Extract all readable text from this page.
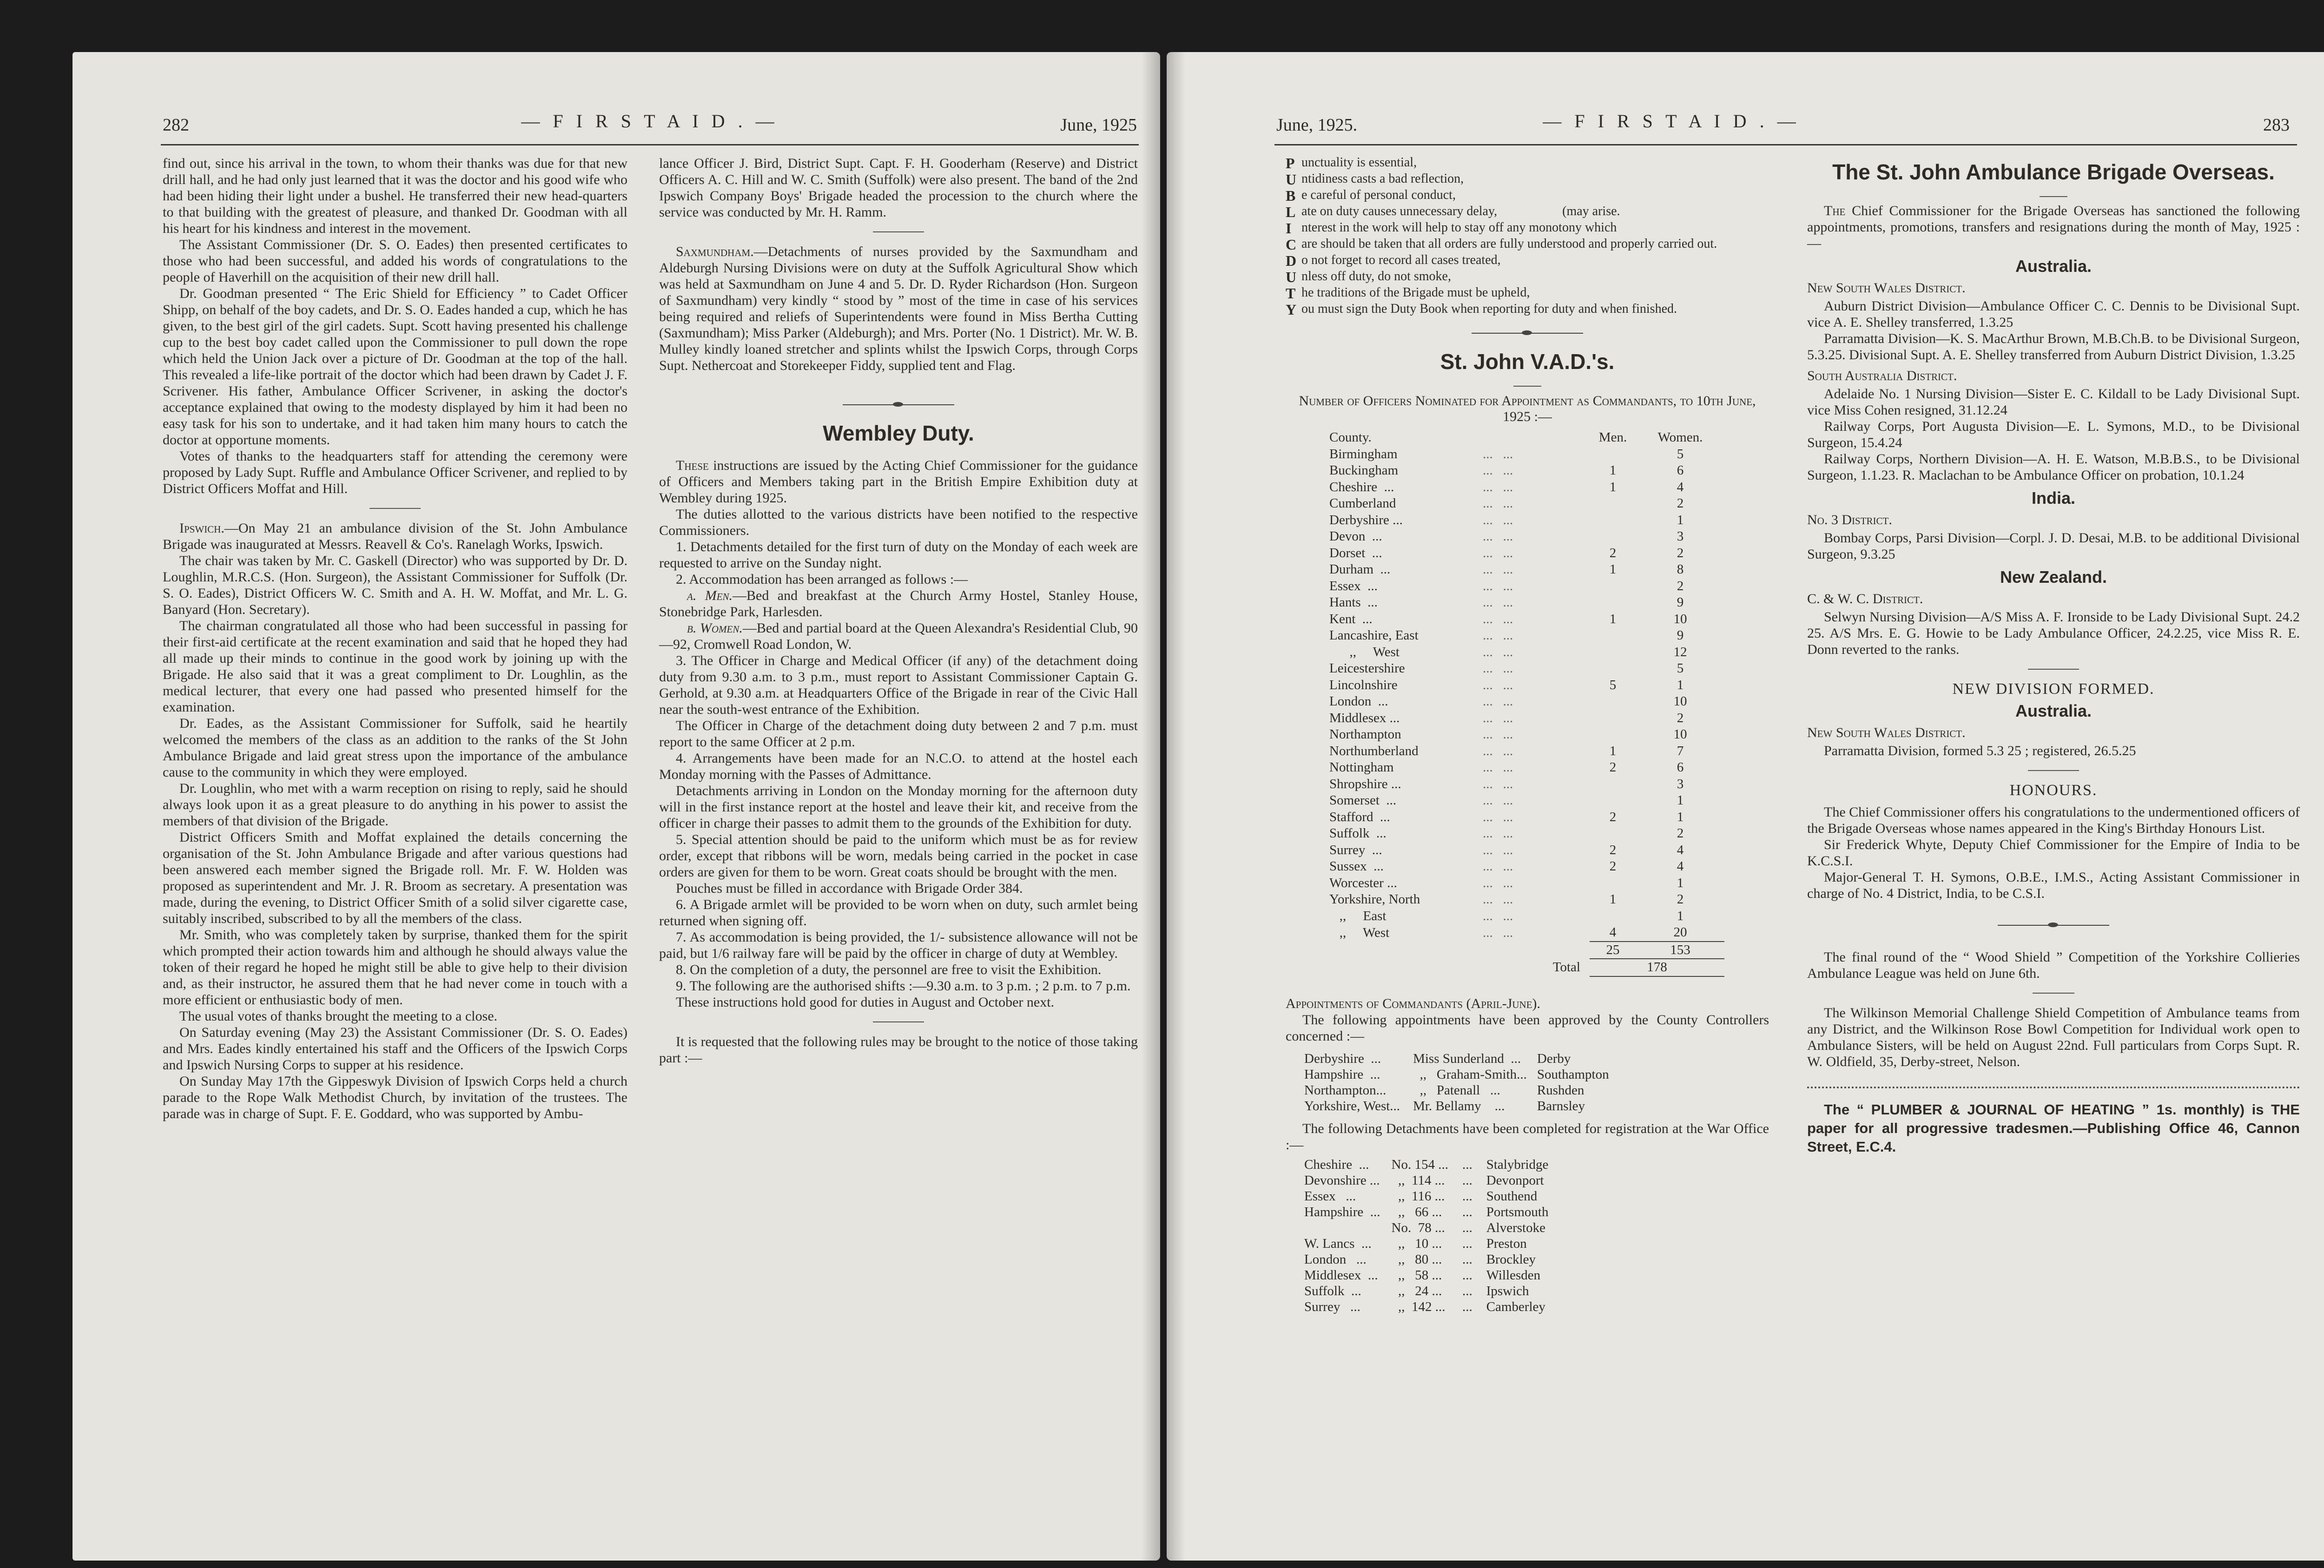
282	— F I R S T A I D . —	June, 1925

find out, since his arrival in the town, to whom their thanks was due for that new drill hall, and he had only just learned that it was the doctor and his good wife who had been hiding their light under a bushel. He transferred their new head-quarters to that building with the greatest of pleasure, and thanked Dr. Goodman with all his heart for his kindness and interest in the movement.

The Assistant Commissioner (Dr. S. O. Eades) then presented certificates to those who had been successful, and added his words of congratulations to the people of Haverhill on the acquisition of their new drill hall.

Dr. Goodman presented “ The Eric Shield for Efficiency ” to Cadet Officer Shipp, on behalf of the boy cadets, and Dr. S. O. Eades handed a cup, which he has given, to the best girl of the girl cadets. Supt. Scott having presented his challenge cup to the best boy cadet called upon the Commissioner to pull down the rope which held the Union Jack over a picture of Dr. Goodman at the top of the hall. This revealed a life-like portrait of the doctor which had been drawn by Cadet J. F. Scrivener. His father, Ambulance Officer Scrivener, in asking the doctor's acceptance explained that owing to the modesty displayed by him it had been no easy task for his son to undertake, and it had taken him many hours to catch the doctor at opportune moments.

Votes of thanks to the headquarters staff for attending the ceremony were proposed by Lady Supt. Ruffle and Ambulance Officer Scrivener, and replied to by District Officers Moffat and Hill.

Ipswich.—On May 21 an ambulance division of the St. John Ambulance Brigade was inaugurated at Messrs. Reavell & Co's. Ranelagh Works, Ipswich.

The chair was taken by Mr. C. Gaskell (Director) who was supported by Dr. D. Loughlin, M.R.C.S. (Hon. Surgeon), the Assistant Commissioner for Suffolk (Dr. S. O. Eades), District Officers W. C. Smith and A. H. W. Moffat, and Mr. L. G. Banyard (Hon. Secretary).

The chairman congratulated all those who had been successful in passing for their first-aid certificate at the recent examination and said that he hoped they had all made up their minds to continue in the good work by joining up with the Brigade. He also said that it was a great compliment to Dr. Loughlin, as the medical lecturer, that every one had passed who presented himself for the examination.

Dr. Eades, as the Assistant Commissioner for Suffolk, said he heartily welcomed the members of the class as an addition to the ranks of the St John Ambulance Brigade and laid great stress upon the importance of the ambulance cause to the community in which they were employed.

Dr. Loughlin, who met with a warm reception on rising to reply, said he should always look upon it as a great pleasure to do anything in his power to assist the members of that division of the Brigade.

District Officers Smith and Moffat explained the details concerning the organisation of the St. John Ambulance Brigade and after various questions had been answered each member signed the Brigade roll. Mr. F. W. Holden was proposed as superintendent and Mr. J. R. Broom as secretary. A presentation was made, during the evening, to District Officer Smith of a solid silver cigarette case, suitably inscribed, subscribed to by all the members of the class.

Mr. Smith, who was completely taken by surprise, thanked them for the spirit which prompted their action towards him and although he should always value the token of their regard he hoped he might still be able to give help to their division and, as their instructor, he assured them that he had never come in touch with a more efficient or enthusiastic body of men.

The usual votes of thanks brought the meeting to a close.

On Saturday evening (May 23) the Assistant Commissioner (Dr. S. O. Eades) and Mrs. Eades kindly entertained his staff and the Officers of the Ipswich Corps and Ipswich Nursing Corps to supper at his residence.

On Sunday May 17th the Gippeswyk Division of Ipswich Corps held a church parade to the Rope Walk Methodist Church, by invitation of the trustees. The parade was in charge of Supt. F. E. Goddard, who was supported by Ambu-

lance Officer J. Bird, District Supt. Capt. F. H. Gooderham (Reserve) and District Officers A. C. Hill and W. C. Smith (Suffolk) were also present. The band of the 2nd Ipswich Company Boys' Brigade headed the procession to the church where the service was conducted by Mr. H. Ramm.

Saxmundham.—Detachments of nurses provided by the Saxmundham and Aldeburgh Nursing Divisions were on duty at the Suffolk Agricultural Show which was held at Saxmundham on June 4 and 5. Dr. D. Ryder Richardson (Hon. Surgeon of Saxmundham) very kindly “ stood by ” most of the time in case of his services being required and reliefs of Superintendents were found in Miss Bertha Cutting (Saxmundham); Miss Parker (Aldeburgh); and Mrs. Porter (No. 1 District). Mr. W. B. Mulley kindly loaned stretcher and splints whilst the Ipswich Corps, through Corps Supt. Nethercoat and Storekeeper Fiddy, supplied tent and Flag.

Wembley Duty.

These instructions are issued by the Acting Chief Commissioner for the guidance of Officers and Members taking part in the British Empire Exhibition duty at Wembley during 1925.

The duties allotted to the various districts have been notified to the respective Commissioners.

1. Detachments detailed for the first turn of duty on the Monday of each week are requested to arrive on the Sunday night.

2. Accommodation has been arranged as follows :—

a. Men.—Bed and breakfast at the Church Army Hostel, Stanley House, Stonebridge Park, Harlesden.

b. Women.—Bed and partial board at the Queen Alexandra's Residential Club, 90—92, Cromwell Road London, W.

3. The Officer in Charge and Medical Officer (if any) of the detachment doing duty from 9.30 a.m. to 3 p.m., must report to Assistant Commissioner Captain G. Gerhold, at 9.30 a.m. at Headquarters Office of the Brigade in rear of the Civic Hall near the south-west entrance of the Exhibition.

The Officer in Charge of the detachment doing duty between 2 and 7 p.m. must report to the same Officer at 2 p.m.

4. Arrangements have been made for an N.C.O. to attend at the hostel each Monday morning with the Passes of Admittance.

Detachments arriving in London on the Monday morning for the afternoon duty will in the first instance report at the hostel and leave their kit, and receive from the officer in charge their passes to admit them to the grounds of the Exhibition for duty.

5. Special attention should be paid to the uniform which must be as for review order, except that ribbons will be worn, medals being carried in the pocket in case orders are given for them to be worn. Great coats should be brought with the men.

Pouches must be filled in accordance with Brigade Order 384.

6. A Brigade armlet will be provided to be worn when on duty, such armlet being returned when signing off.

7. As accommodation is being provided, the 1/- subsistence allowance will not be paid, but 1/6 railway fare will be paid by the officer in charge of duty at Wembley.

8. On the completion of a duty, the personnel are free to visit the Exhibition.

9. The following are the authorised shifts :—9.30 a.m. to 3 p.m. ; 2 p.m. to 7 p.m.

These instructions hold good for duties in August and October next.

It is requested that the following rules may be brought to the notice of those taking part :—

June, 1925.	— F I R S T A I D . —	283
P unctuality is essential,
U ntidiness casts a bad reflection,
B e careful of personal conduct,
L ate on duty causes unnecessary delay,                    (may arise.
I nterest in the work will help to stay off any monotony which
C are should be taken that all orders are fully understood and properly carried out.
D o not forget to record all cases treated,
U nless off duty, do not smoke,
T he traditions of the Brigade must be upheld,
Y ou must sign the Duty Book when reporting for duty and when finished.
St. John V.A.D.'s.
Number of Officers Nominated for Appointment as Commandants, to 10th June, 1925 :—
County.		Men.	Women.
Birmingham	...   ...		5
Buckingham	...   ...	1	6
Cheshire  ...	...   ...	1	4
Cumberland	...   ...		2
Derbyshire ...	...   ...		1
Devon  ...	...   ...		3
Dorset  ...	...   ...	2	2
Durham  ...	...   ...	1	8
Essex  ...	...   ...		2
Hants  ...	...   ...		9
Kent  ...	...   ...	1	10
Lancashire, East	...   ...		9
,,     West	...   ...		12
Leicestershire	...   ...		5
Lincolnshire	...   ...	5	1
London  ...	...   ...		10
Middlesex ...	...   ...		2
Northampton	...   ...		10
Northumberland	...   ...	1	7
Nottingham	...   ...	2	6
Shropshire ...	...   ...		3
Somerset  ...	...   ...		1
Stafford  ...	...   ...	2	1
Suffolk  ...	...   ...		2
Surrey  ...	...   ...	2	4
Sussex  ...	...   ...	2	4
Worcester ...	...   ...		1
Yorkshire, North	...   ...	1	2
,,     East	...   ...		1
,,     West	...   ...	4	20
		25	153
	Total	178	
Appointments of Commandants (April-June).

The following appointments have been approved by the County Controllers concerned :—

Derbyshire  ...	Miss Sunderland  ...	Derby
Hampshire  ...	,,   Graham-Smith...	Southampton
Northampton...	,,   Patenall   ...	Rushden
Yorkshire, West...	Mr. Bellamy    ...	Barnsley

The following Detachments have been completed for registration at the War Office :—

Cheshire  ...	No. 154 ...	...	Stalybridge
Devonshire ...	,,  114 ...	...	Devonport
Essex   ...	,,  116 ...	...	Southend
Hampshire  ...	,,   66 ...	...	Portsmouth
	No.  78 ...	...	Alverstoke
W. Lancs  ...	,,   10 ...	...	Preston
London   ...	,,   80 ...	...	Brockley
Middlesex  ...	,,   58 ...	...	Willesden
Suffolk  ...	,,   24 ...	...	Ipswich
Surrey   ...	,,  142 ...	...	Camberley
The St. John Ambulance Brigade Overseas.

The Chief Commissioner for the Brigade Overseas has sanctioned the following appointments, promotions, transfers and resignations during the month of May, 1925 :—

Australia.
New South Wales District.

Auburn District Division—Ambulance Officer C. C. Dennis to be Divisional Supt. vice A. E. Shelley transferred, 1.3.25

Parramatta Division—K. S. MacArthur Brown, M.B.Ch.B. to be Divisional Surgeon, 5.3.25. Divisional Supt. A. E. Shelley transferred from Auburn District Division, 1.3.25

South Australia District.

Adelaide No. 1 Nursing Division—Sister E. C. Kildall to be Lady Divisional Supt. vice Miss Cohen resigned, 31.12.24

Railway Corps, Port Augusta Division—E. L. Symons, M.D., to be Divisional Surgeon, 15.4.24

Railway Corps, Northern Division—A. H. E. Watson, M.B.B.S., to be Divisional Surgeon, 1.1.23. R. Maclachan to be Ambulance Officer on probation, 10.1.24

India.
No. 3 District.

Bombay Corps, Parsi Division—Corpl. J. D. Desai, M.B. to be additional Divisional Surgeon, 9.3.25

New Zealand.
C. & W. C. District.

Selwyn Nursing Division—A/S Miss A. F. Ironside to be Lady Divisional Supt. 24.2 25. A/S Mrs. E. G. Howie to be Lady Ambulance Officer, 24.2.25, vice Miss R. E. Donn reverted to the ranks.

NEW DIVISION FORMED.
Australia.
New South Wales District.

Parramatta Division, formed 5.3 25 ; registered, 26.5.25

HONOURS.

The Chief Commissioner offers his congratulations to the undermentioned officers of the Brigade Overseas whose names appeared in the King's Birthday Honours List.

Sir Frederick Whyte, Deputy Chief Commissioner for the Empire of India to be K.C.S.I.

Major-General T. H. Symons, O.B.E., I.M.S., Acting Assistant Commissioner in charge of No. 4 District, India, to be C.S.I.

The final round of the “ Wood Shield ” Competition of the Yorkshire Collieries Ambulance League was held on June 6th.

The Wilkinson Memorial Challenge Shield Competition of Ambulance teams from any District, and the Wilkinson Rose Bowl Competition for Individual work open to Ambulance Sisters, will be held on August 22nd. Full particulars from Corps Supt. R. W. Oldfield, 35, Derby-street, Nelson.

The “ PLUMBER & JOURNAL OF HEATING ” 1s. monthly) is THE paper for all progressive tradesmen.—Publishing Office 46, Cannon Street, E.C.4.
